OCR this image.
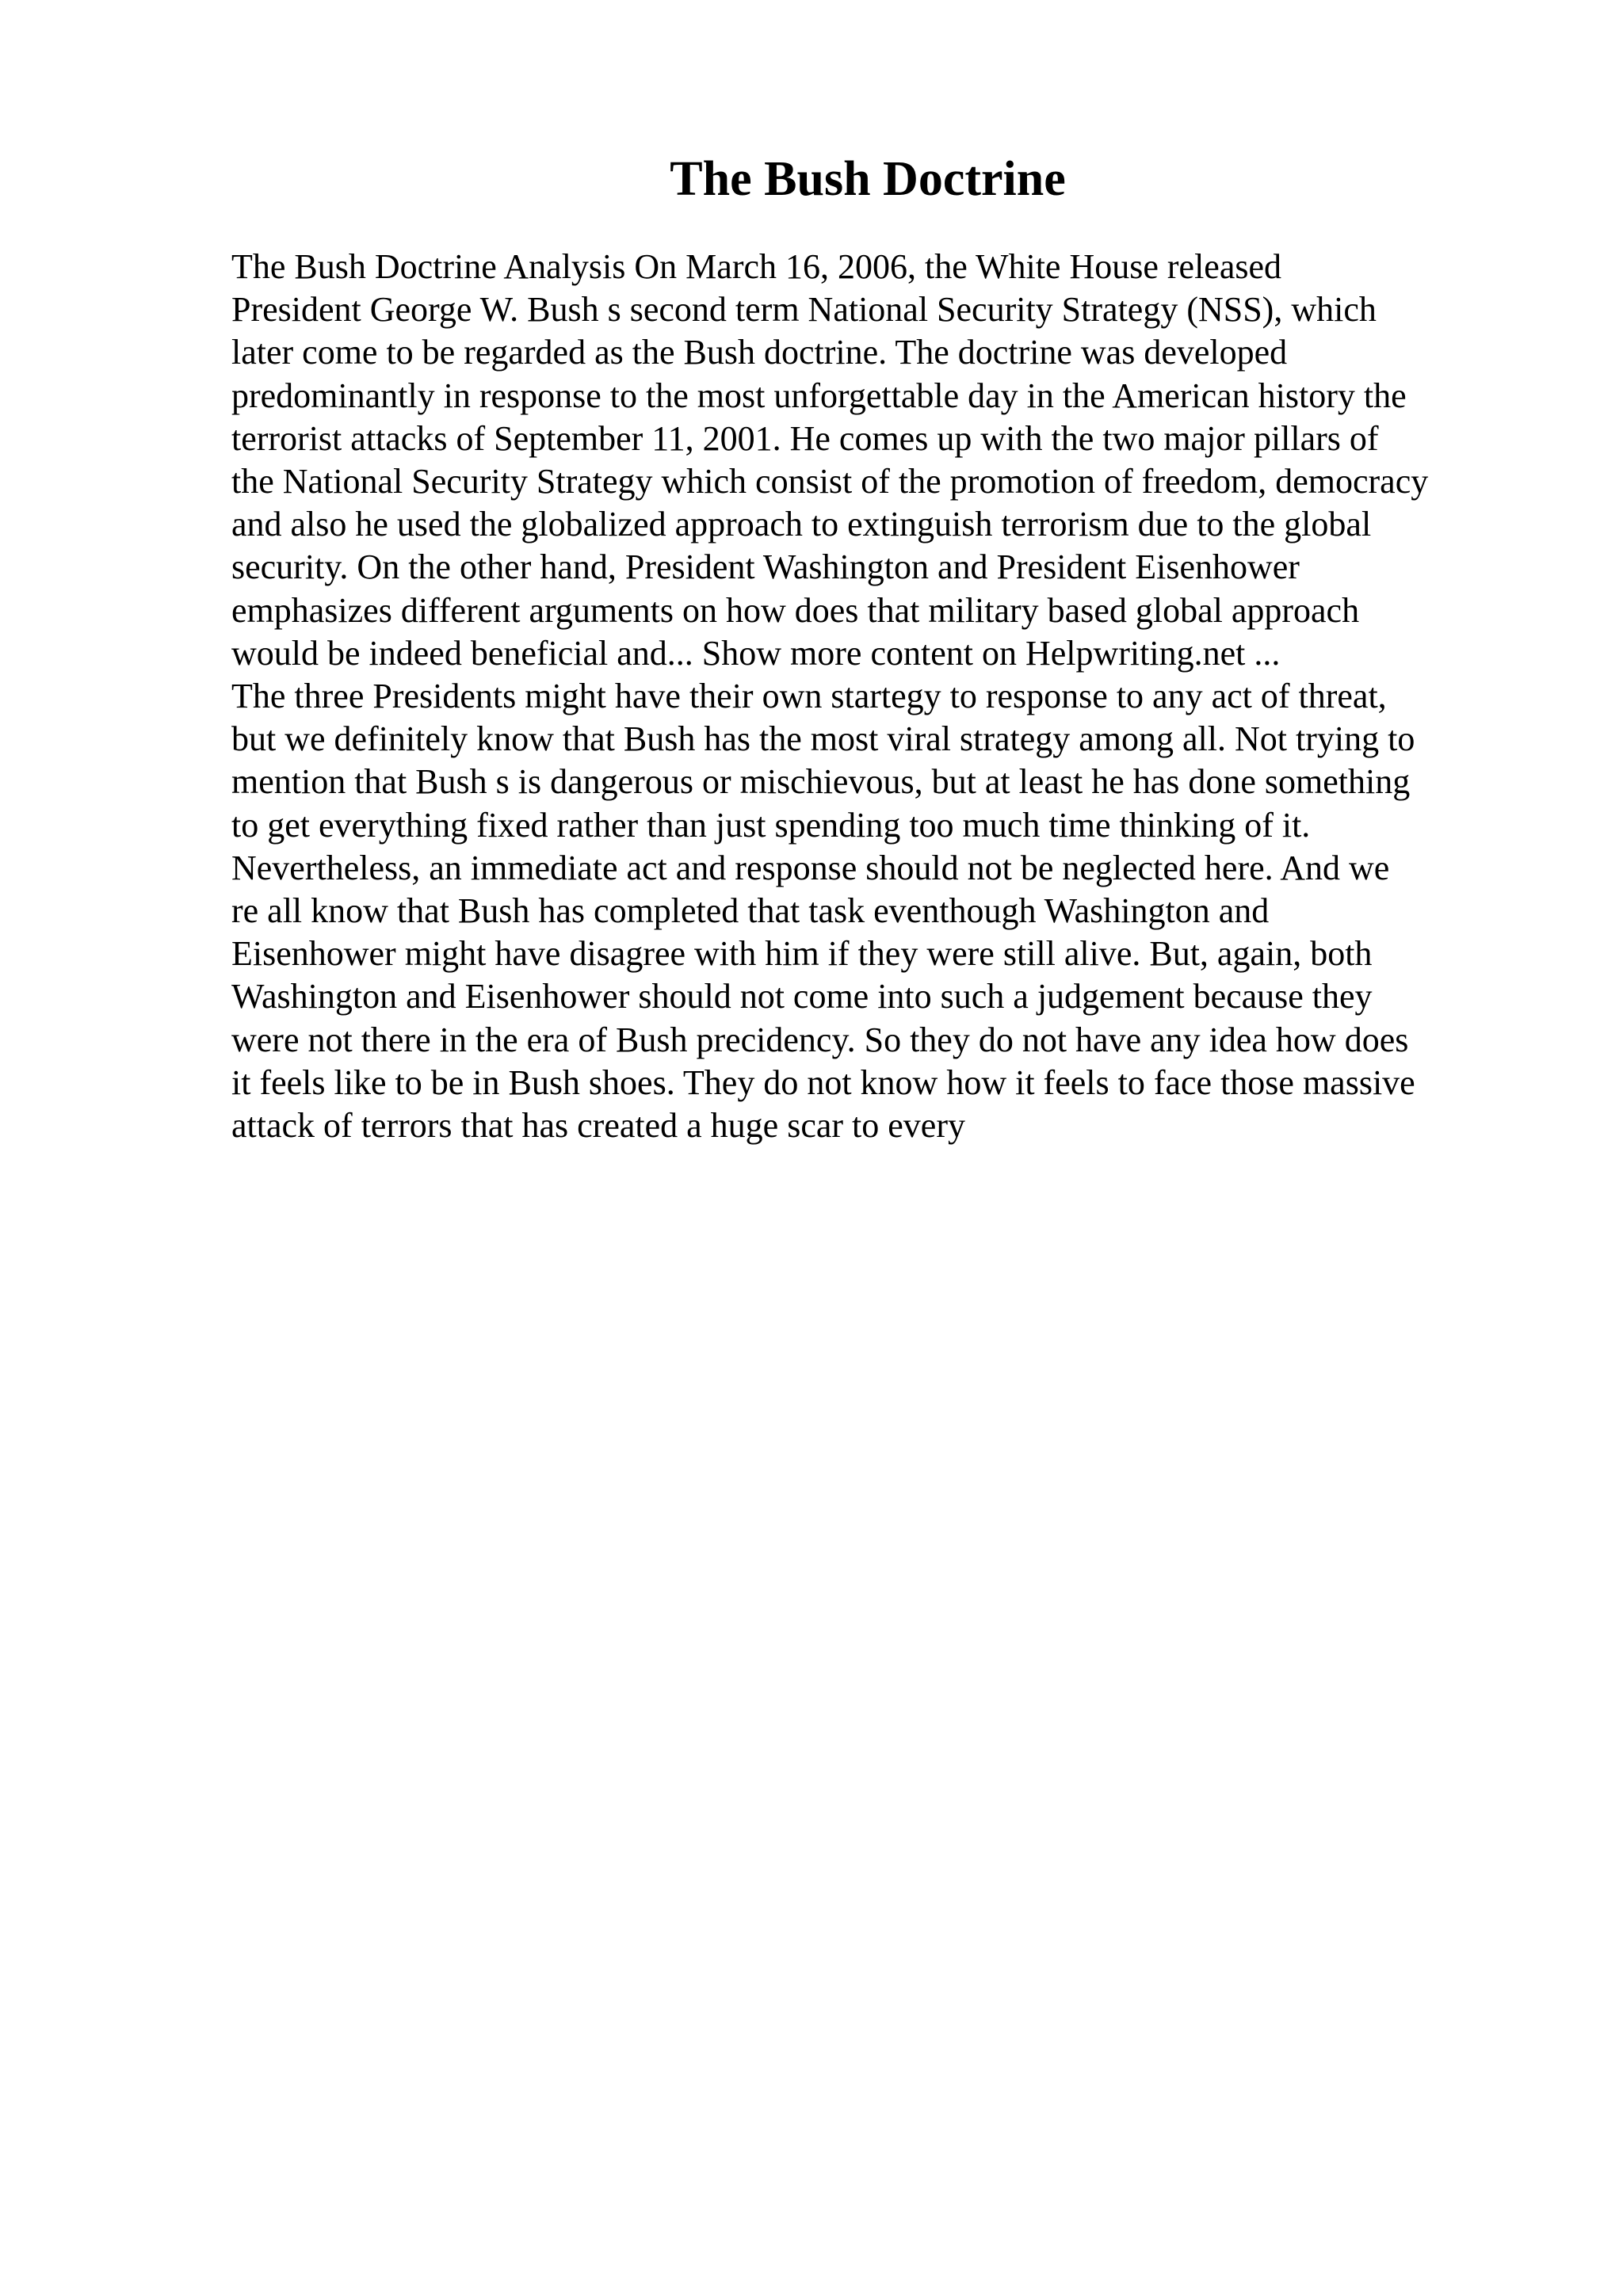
The Bush Doctrine

The Bush Doctrine Analysis On March 16, 2006, the White House released
President George W. Bush s second term National Security Strategy (NSS), which
later come to be regarded as the Bush doctrine. The doctrine was developed
predominantly in response to the most unforgettable day in the American history the
terrorist attacks of September 11, 2001. He comes up with the two major pillars of
the National Security Strategy which consist of the promotion of freedom, democracy
and also he used the globalized approach to extinguish terrorism due to the global
security. On the other hand, President Washington and President Eisenhower
emphasizes different arguments on how does that military based global approach
would be indeed beneficial and... Show more content on Helpwriting.net ...

The three Presidents might have their own startegy to response to any act of threat,
but we definitely know that Bush has the most viral strategy among all. Not trying to
mention that Bush s is dangerous or mischievous, but at least he has done something
to get everything fixed rather than just spending too much time thinking of it.
Nevertheless, an immediate act and response should not be neglected here. And we
re all know that Bush has completed that task eventhough Washington and
Eisenhower might have disagree with him if they were still alive. But, again, both
Washington and Eisenhower should not come into such a judgement because they
were not there in the era of Bush precidency. So they do not have any idea how does
it feels like to be in Bush shoes. They do not know how it feels to face those massive
attack of terrors that has created a huge scar to every
